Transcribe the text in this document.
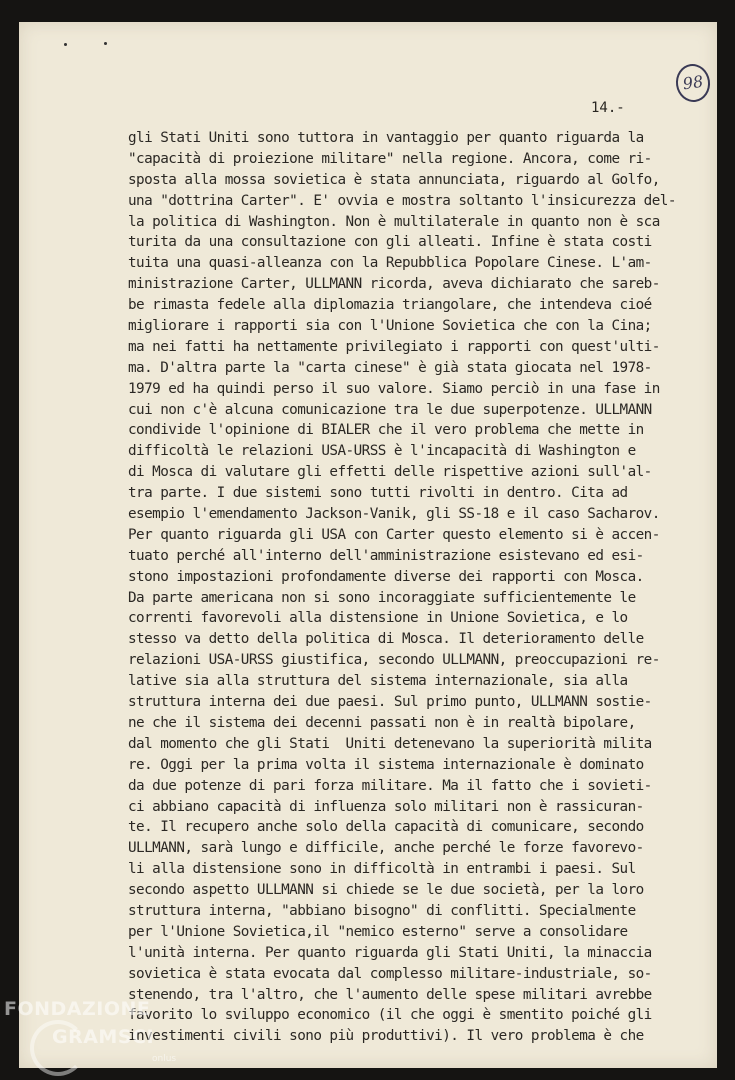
98
14.-
gli Stati Uniti sono tuttora in vantaggio per quanto riguarda la
"capacità di proiezione militare" nella regione. Ancora, come ri-
sposta alla mossa sovietica è stata annunciata, riguardo al Golfo,
una "dottrina Carter". E' ovvia e mostra soltanto l'insicurezza del-
la politica di Washington. Non è multilaterale in quanto non è sca
turita da una consultazione con gli alleati. Infine è stata costi
tuita una quasi-alleanza con la Repubblica Popolare Cinese. L'am-
ministrazione Carter, ULLMANN ricorda, aveva dichiarato che sareb-
be rimasta fedele alla diplomazia triangolare, che intendeva cioé
migliorare i rapporti sia con l'Unione Sovietica che con la Cina;
ma nei fatti ha nettamente privilegiato i rapporti con quest'ulti-
ma. D'altra parte la "carta cinese" è già stata giocata nel 1978-
1979 ed ha quindi perso il suo valore. Siamo perciò in una fase in
cui non c'è alcuna comunicazione tra le due superpotenze. ULLMANN
condivide l'opinione di BIALER che il vero problema che mette in
difficoltà le relazioni USA-URSS è l'incapacità di Washington e
di Mosca di valutare gli effetti delle rispettive azioni sull'al-
tra parte. I due sistemi sono tutti rivolti in dentro. Cita ad
esempio l'emendamento Jackson-Vanik, gli SS-18 e il caso Sacharov.
Per quanto riguarda gli USA con Carter questo elemento si è accen-
tuato perché all'interno dell'amministrazione esistevano ed esi-
stono impostazioni profondamente diverse dei rapporti con Mosca.
Da parte americana non si sono incoraggiate sufficientemente le
correnti favorevoli alla distensione in Unione Sovietica, e lo
stesso va detto della politica di Mosca. Il deterioramento delle
relazioni USA-URSS giustifica, secondo ULLMANN, preoccupazioni re-
lative sia alla struttura del sistema internazionale, sia alla
struttura interna dei due paesi. Sul primo punto, ULLMANN sostie-
ne che il sistema dei decenni passati non è in realtà bipolare,
dal momento che gli Stati  Uniti detenevano la superiorità milita
re. Oggi per la prima volta il sistema internazionale è dominato
da due potenze di pari forza militare. Ma il fatto che i sovieti-
ci abbiano capacità di influenza solo militari non è rassicuran-
te. Il recupero anche solo della capacità di comunicare, secondo
ULLMANN, sarà lungo e difficile, anche perché le forze favorevo-
li alla distensione sono in difficoltà in entrambi i paesi. Sul
secondo aspetto ULLMANN si chiede se le due società, per la loro
struttura interna, "abbiano bisogno" di conflitti. Specialmente
per l'Unione Sovietica,il "nemico esterno" serve a consolidare
l'unità interna. Per quanto riguarda gli Stati Uniti, la minaccia
sovietica è stata evocata dal complesso militare-industriale, so-
stenendo, tra l'altro, che l'aumento delle spese militari avrebbe
favorito lo sviluppo economico (il che oggi è smentito poiché gli
investimenti civili sono più produttivi). Il vero problema è che
FONDAZIONE
GRAMSCI
onlus
